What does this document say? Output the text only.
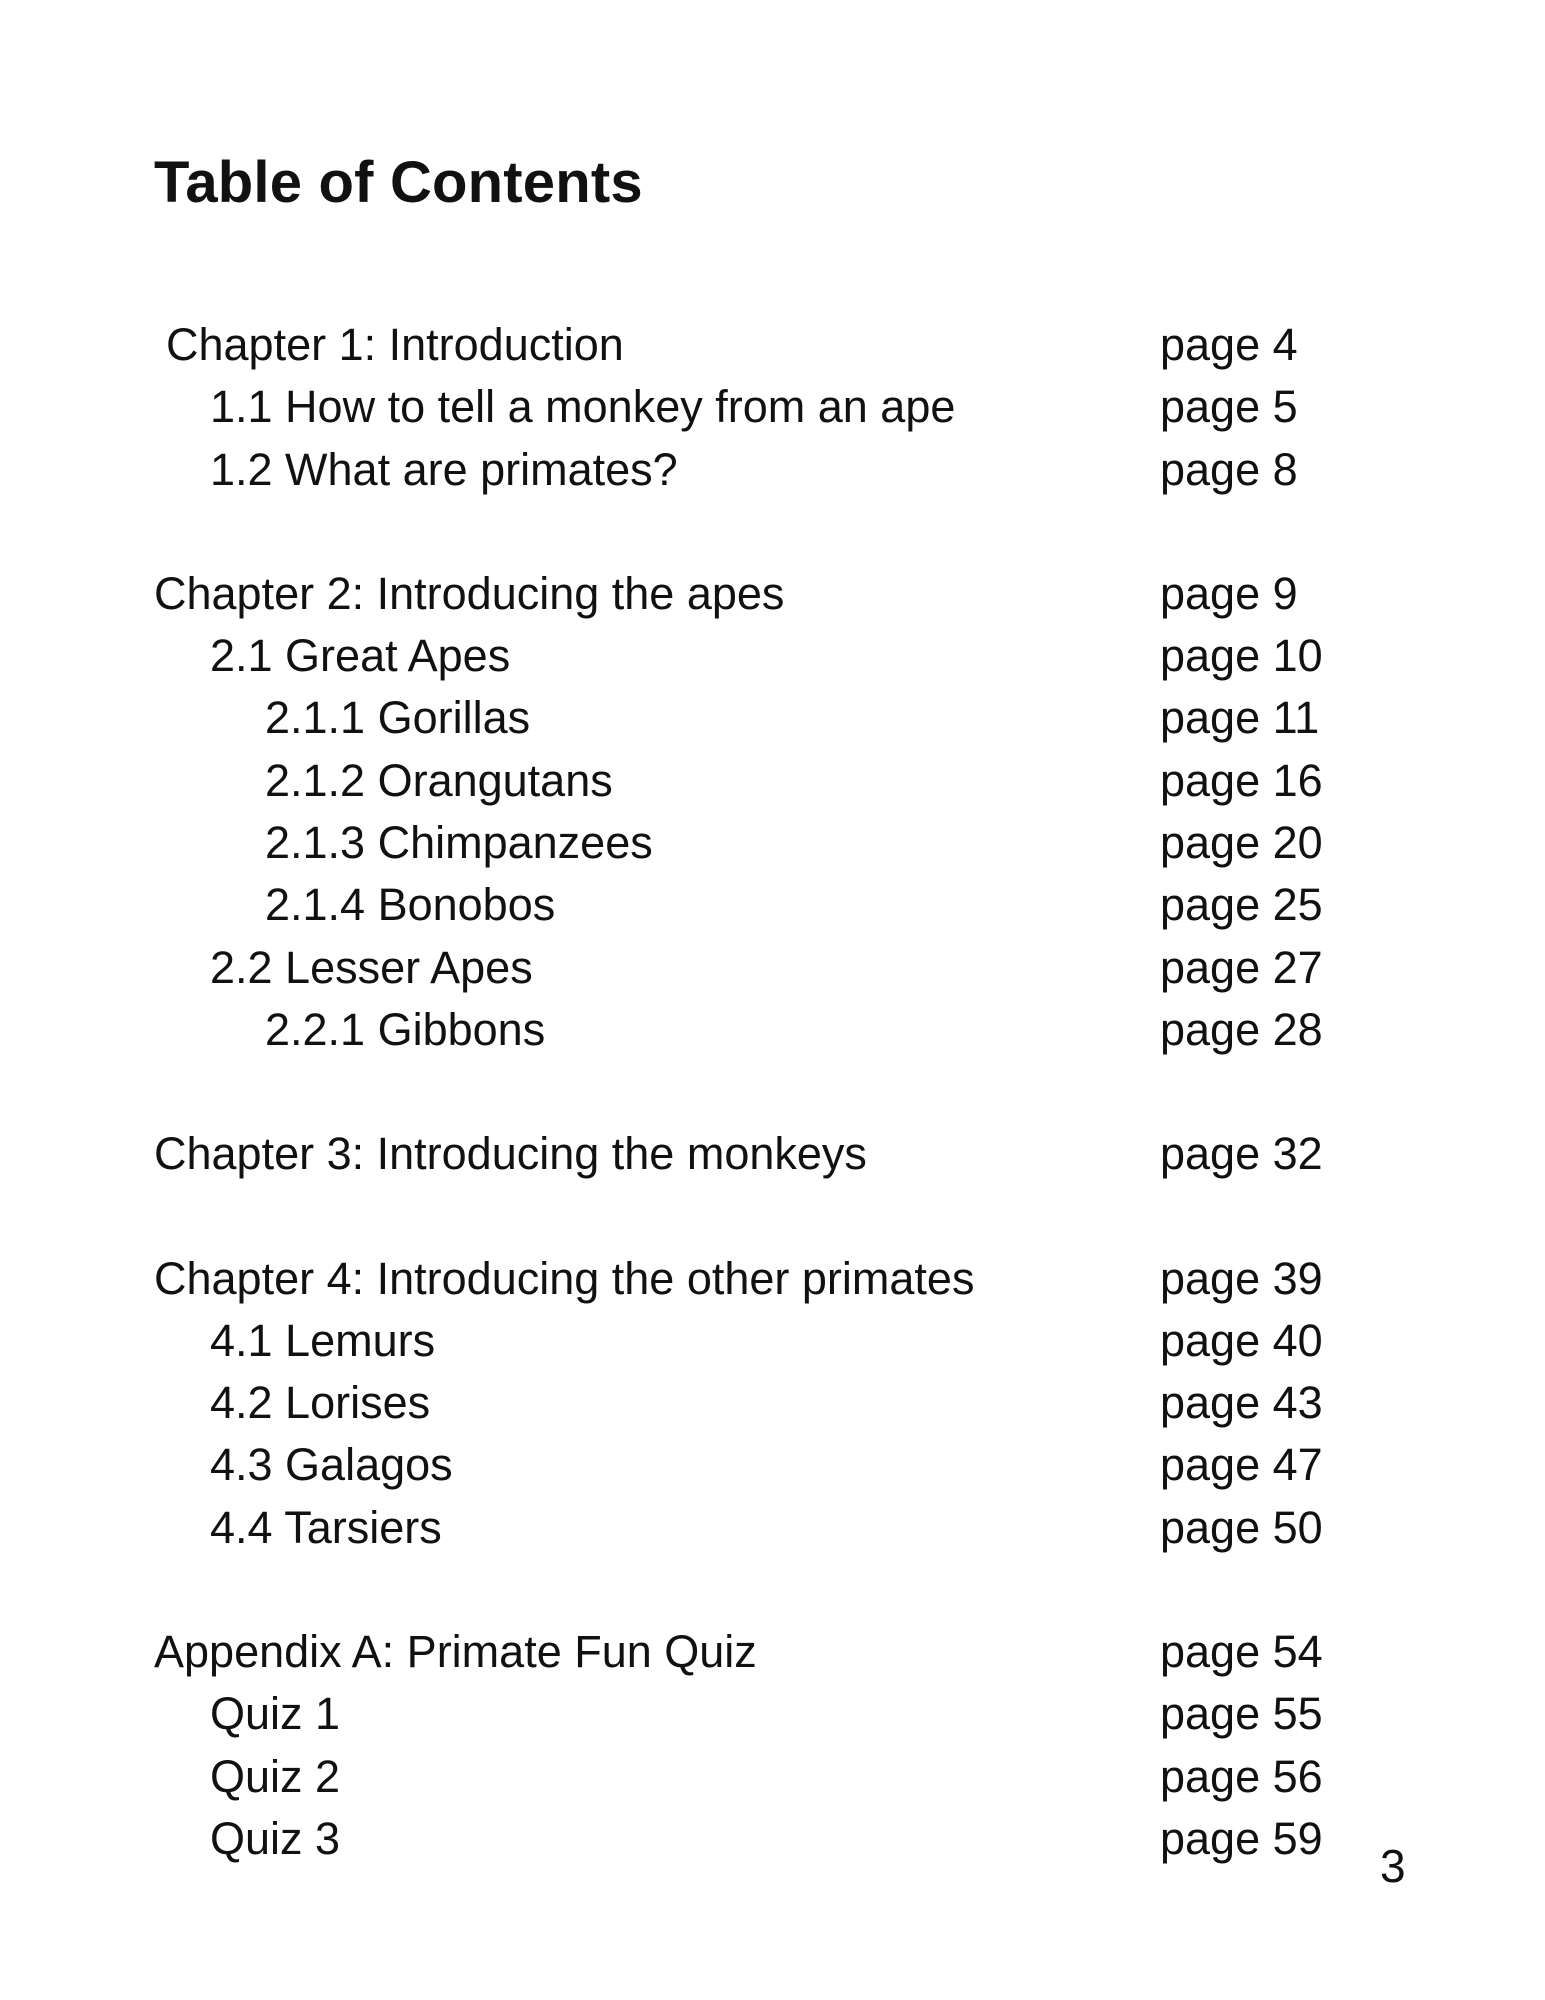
Table of Contents
Chapter 1: Introduction	page 4
1.1 How to tell a monkey from an ape	page 5
1.2 What are primates?	page 8
Chapter 2: Introducing the apes	page 9
2.1 Great Apes	page 10
2.1.1 Gorillas	page 11
2.1.2 Orangutans	page 16
2.1.3 Chimpanzees	page 20
2.1.4 Bonobos	page 25
2.2 Lesser Apes	page 27
2.2.1 Gibbons	page 28
Chapter 3: Introducing the monkeys	page 32
Chapter 4: Introducing the other primates	page 39
4.1 Lemurs	page 40
4.2 Lorises	page 43
4.3 Galagos	page 47
4.4 Tarsiers	page 50
Appendix A: Primate Fun Quiz	page 54
Quiz 1	page 55
Quiz 2	page 56
Quiz 3	page 59
3
